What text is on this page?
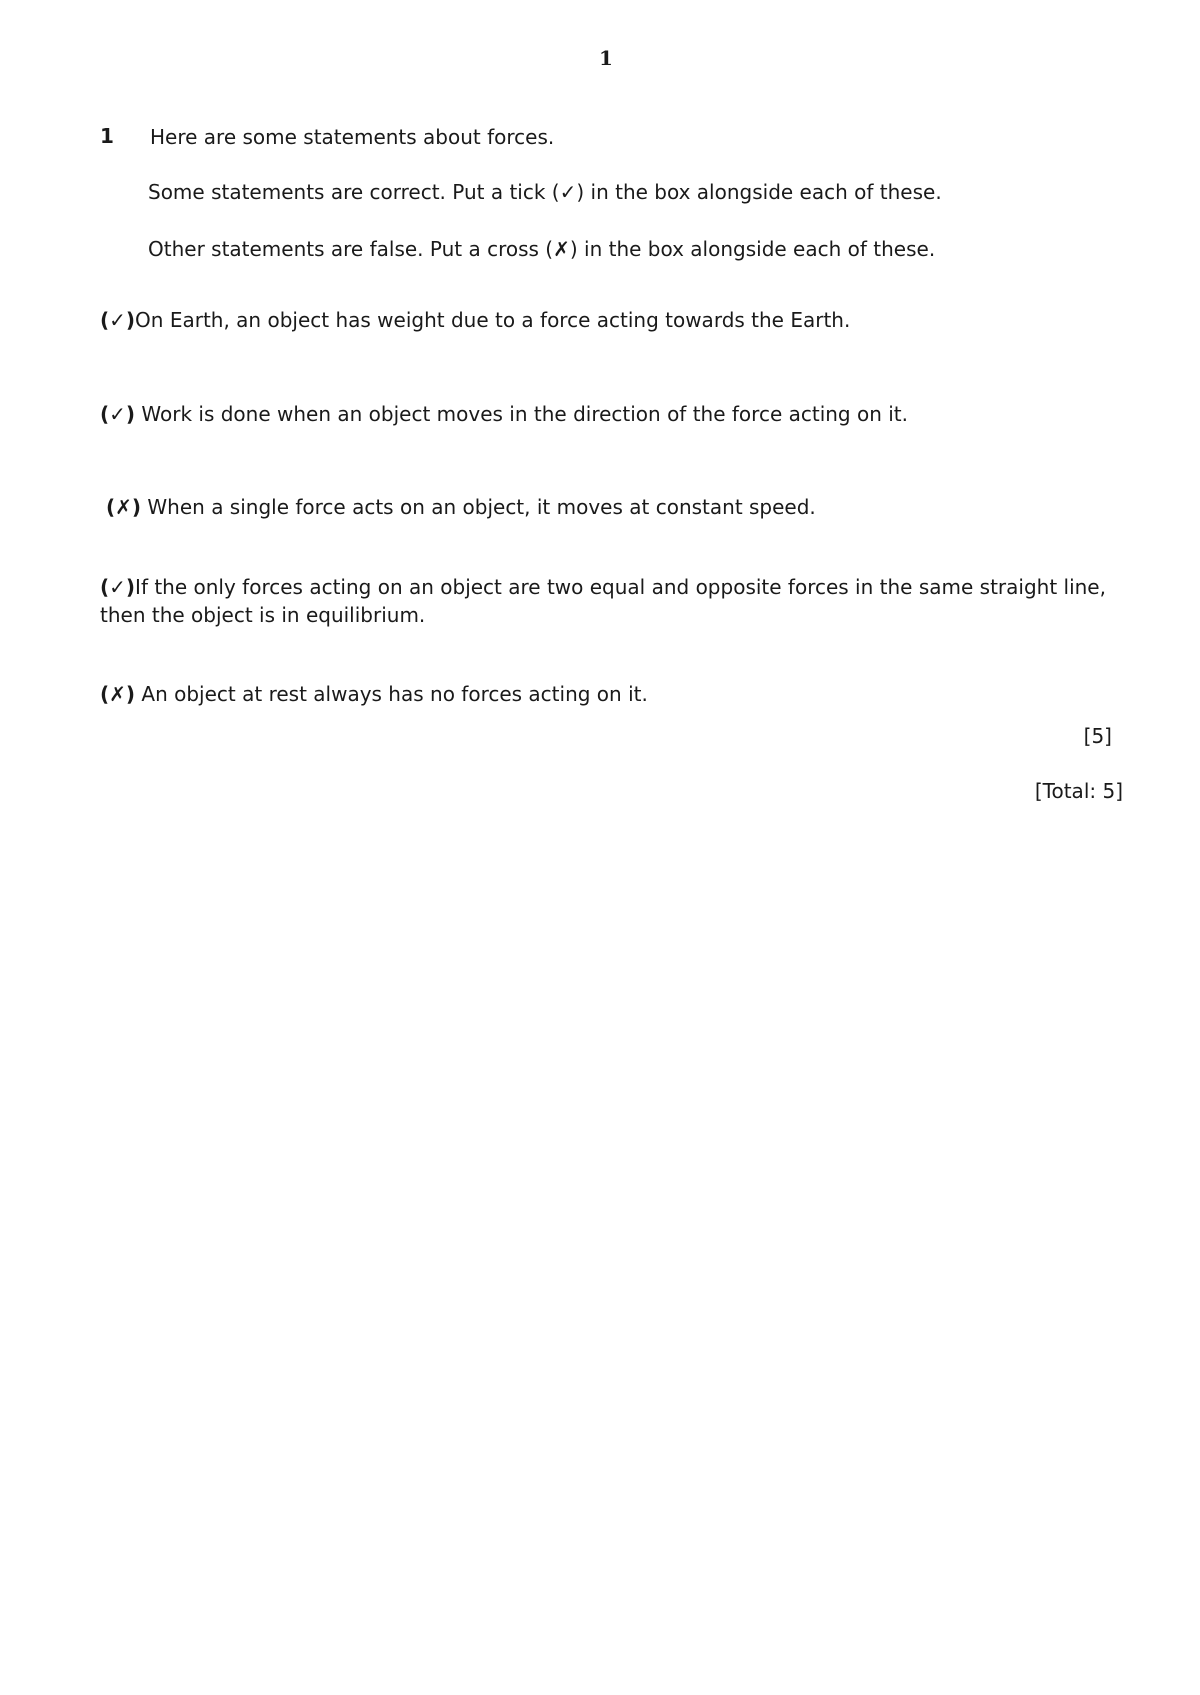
1
1 Here are some statements about forces.
Some statements are correct. Put a tick (✓) in the box alongside each of these.
Other statements are false. Put a cross (✗) in the box alongside each of these.
(✓)On Earth, an object has weight due to a force acting towards the Earth.
(✓) Work is done when an object moves in the direction of the force acting on it.
(✗) When a single force acts on an object, it moves at constant speed.
(✓)If the only forces acting on an object are two equal and opposite forces in the same straight line, then the object is in equilibrium.
(✗) An object at rest always has no forces acting on it.
[5]
[Total: 5]
